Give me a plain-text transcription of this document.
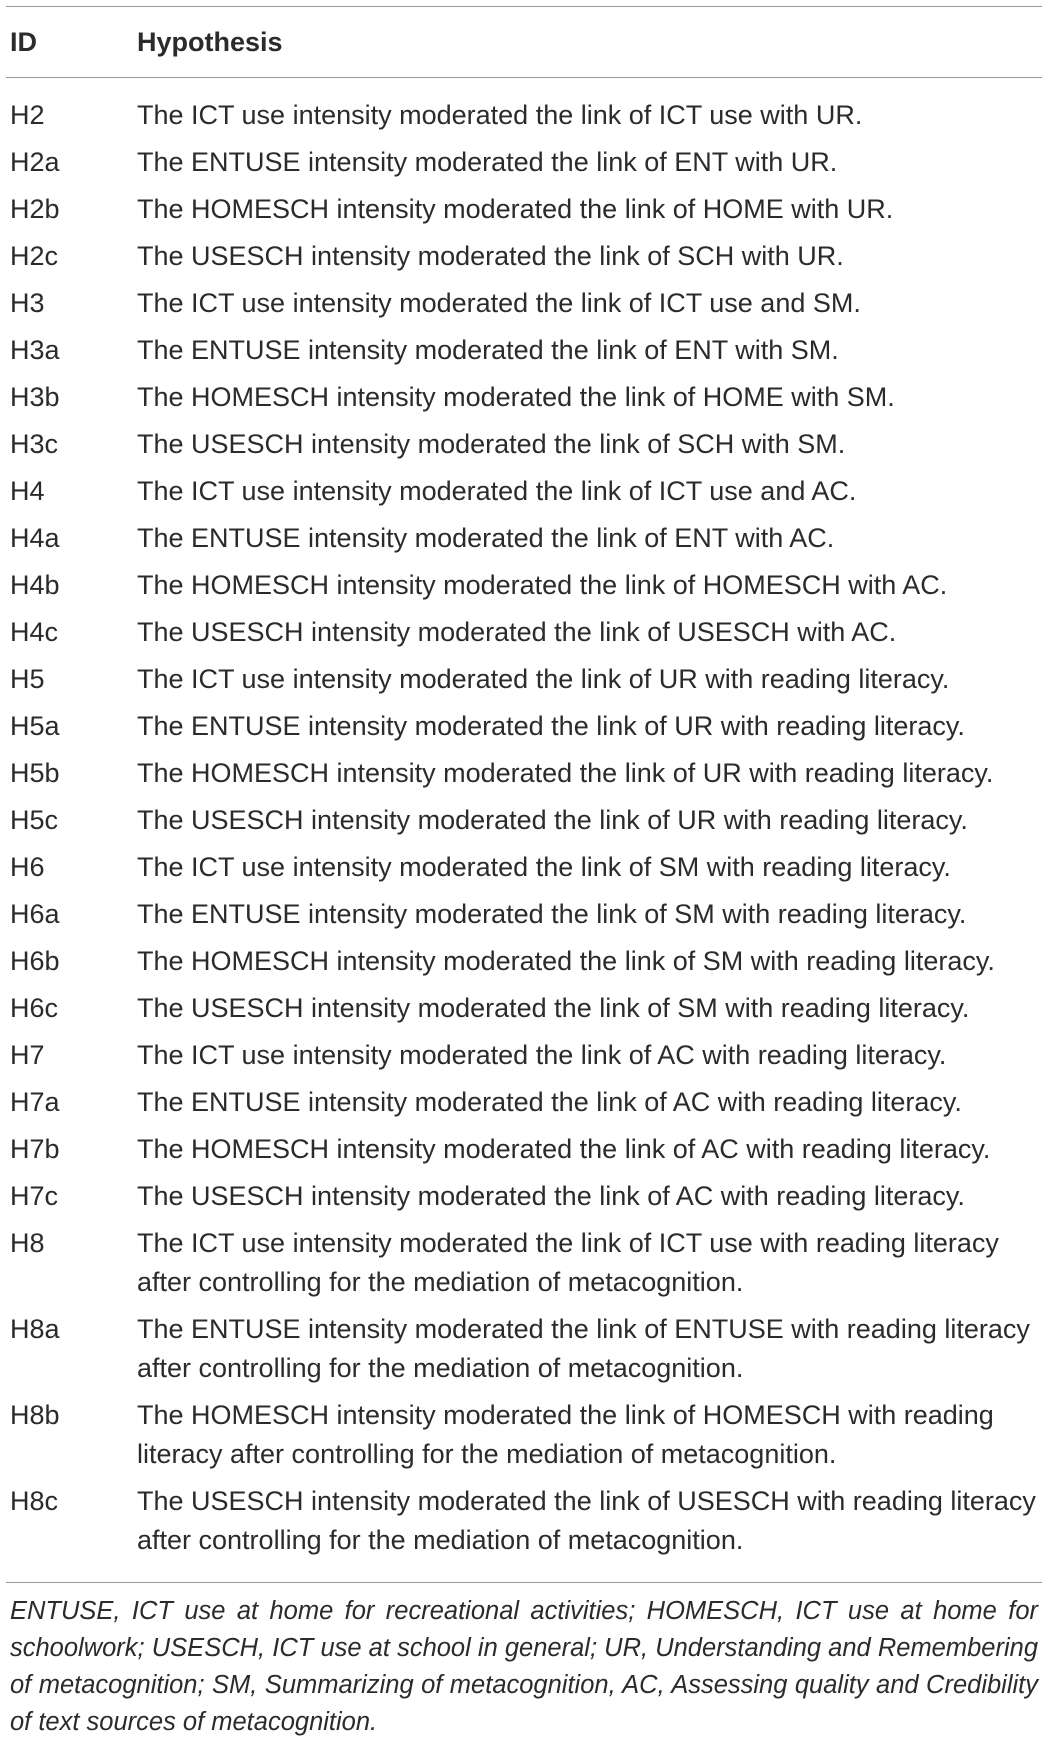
ID	Hypothesis
H2	The ICT use intensity moderated the link of ICT use with UR.
H2a	The ENTUSE intensity moderated the link of ENT with UR.
H2b	The HOMESCH intensity moderated the link of HOME with UR.
H2c	The USESCH intensity moderated the link of SCH with UR.
H3	The ICT use intensity moderated the link of ICT use and SM.
H3a	The ENTUSE intensity moderated the link of ENT with SM.
H3b	The HOMESCH intensity moderated the link of HOME with SM.
H3c	The USESCH intensity moderated the link of SCH with SM.
H4	The ICT use intensity moderated the link of ICT use and AC.
H4a	The ENTUSE intensity moderated the link of ENT with AC.
H4b	The HOMESCH intensity moderated the link of HOMESCH with AC.
H4c	The USESCH intensity moderated the link of USESCH with AC.
H5	The ICT use intensity moderated the link of UR with reading literacy.
H5a	The ENTUSE intensity moderated the link of UR with reading literacy.
H5b	The HOMESCH intensity moderated the link of UR with reading literacy.
H5c	The USESCH intensity moderated the link of UR with reading literacy.
H6	The ICT use intensity moderated the link of SM with reading literacy.
H6a	The ENTUSE intensity moderated the link of SM with reading literacy.
H6b	The HOMESCH intensity moderated the link of SM with reading literacy.
H6c	The USESCH intensity moderated the link of SM with reading literacy.
H7	The ICT use intensity moderated the link of AC with reading literacy.
H7a	The ENTUSE intensity moderated the link of AC with reading literacy.
H7b	The HOMESCH intensity moderated the link of AC with reading literacy.
H7c	The USESCH intensity moderated the link of AC with reading literacy.
H8	The ICT use intensity moderated the link of ICT use with reading literacy after controlling for the mediation of metacognition.
H8a	The ENTUSE intensity moderated the link of ENTUSE with reading literacy after controlling for the mediation of metacognition.
H8b	The HOMESCH intensity moderated the link of HOMESCH with reading literacy after controlling for the mediation of metacognition.
H8c	The USESCH intensity moderated the link of USESCH with reading literacy after controlling for the mediation of metacognition.
ENTUSE, ICT use at home for recreational activities; HOMESCH, ICT use at home for schoolwork; USESCH, ICT use at school in general; UR, Understanding and Remembering of metacognition; SM, Summarizing of metacognition, AC, Assessing quality and Credibility of text sources of metacognition.
